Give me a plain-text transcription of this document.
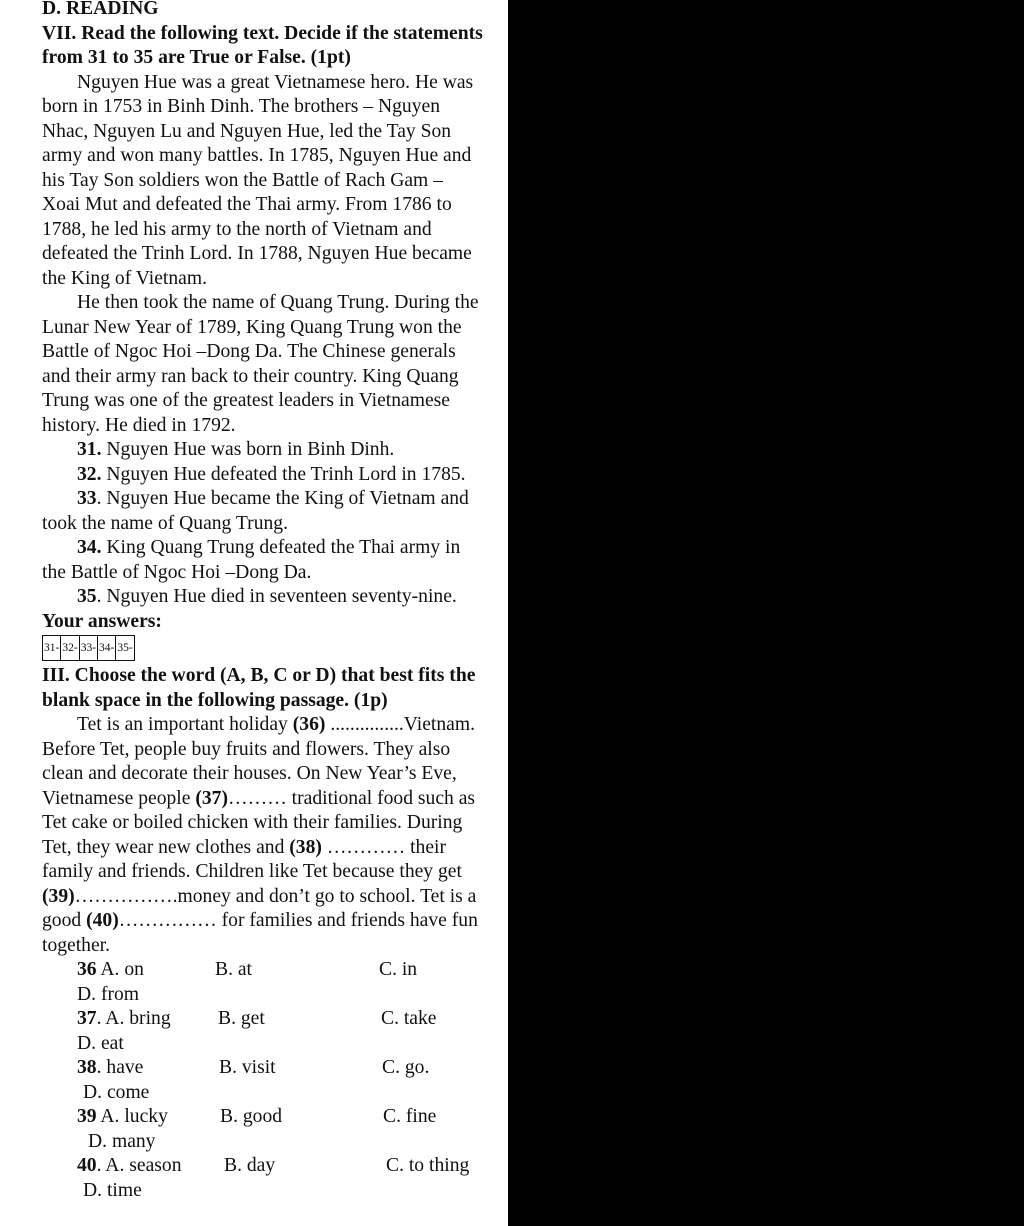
D. READING
VII. Read the following text. Decide if the statements from 31 to 35 are True or False. (1pt)
Nguyen Hue was a great Vietnamese hero. He was
born in 1753 in Binh Dinh. The brothers – Nguyen
Nhac, Nguyen Lu and Nguyen Hue, led the Tay Son
army and won many battles. In 1785, Nguyen Hue and
his Tay Son soldiers won the Battle of Rach Gam –
Xoai Mut and defeated the Thai army. From 1786 to
1788, he led his army to the north of Vietnam and
defeated the Trinh Lord. In 1788, Nguyen Hue became
the King of Vietnam.
He then took the name of Quang Trung. During the
Lunar New Year of 1789, King Quang Trung won the
Battle of Ngoc Hoi –Dong Da. The Chinese generals
and their army ran back to their country. King Quang
Trung was one of the greatest leaders in Vietnamese
history. He died in 1792.
31. Nguyen Hue was born in Binh Dinh.
32. Nguyen Hue defeated the Trinh Lord in 1785.
33. Nguyen Hue became the King of Vietnam and
took the name of Quang Trung.
34. King Quang Trung defeated the Thai army in
the Battle of Ngoc Hoi –Dong Da.
35. Nguyen Hue died in seventeen seventy-nine.
Your answers:
31-	32-	33-	34-	35-
III. Choose the word (A, B, C or D) that best fits the blank space in the following passage. (1p)
Tet is an important holiday (36) ...............Vietnam.
Before Tet, people buy fruits and flowers. They also
clean and decorate their houses. On New Year’s Eve,
Vietnamese people (37)……… traditional food such as
Tet cake or boiled chicken with their families. During
Tet, they wear new clothes and (38) ………… their
family and friends. Children like Tet because they get
(39)…………….money and don’t go to school. Tet is a
good (40)…………… for families and friends have fun
together.
36 A. on	B. at	C. in
D. from
37. A. bring B. get	C. take
D. eat
38. have	B. visit	C. go.
D. come
39 A. lucky	B. good	C. fine
D. many
40. A. season B. day	C. to thing
D. time
